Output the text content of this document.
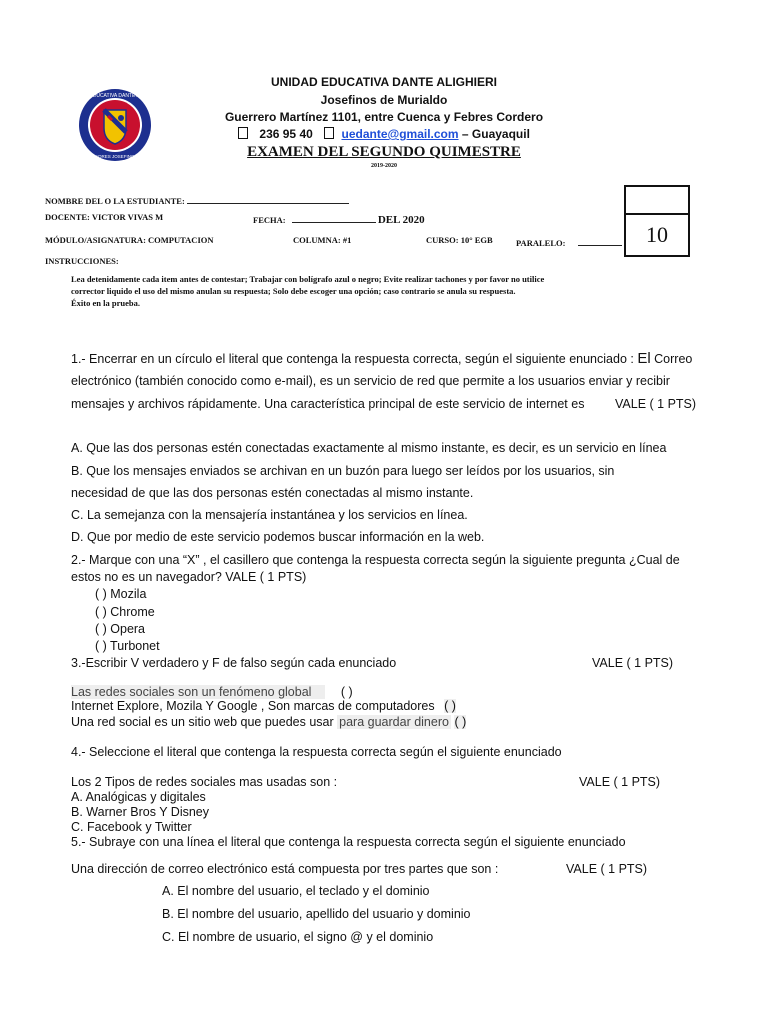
UNIDAD EDUCATIVA DANTE ALIGHIERI
PADRES JOSEFINOS
UNIDAD EDUCATIVA DANTE ALIGHIERI
Josefinos de Murialdo
Guerrero Martínez 1101, entre Cuenca y Febres Cordero
236 95 40 uedante@gmail.com – Guayaquil
EXAMEN DEL SEGUNDO QUIMESTRE
2019-2020
10
NOMBRE DEL O LA ESTUDIANTE:
DOCENTE: VICTOR VIVAS M	FECHA:	DEL 2020
MÓDULO/ASIGNATURA: COMPUTACION	COLUMNA: #1	CURSO: 10° EGB	PARALELO:
INSTRUCCIONES:
Lea detenidamente cada item antes de contestar; Trabajar con bolígrafo azul o negro; Evite realizar tachones y por favor no utilice
corrector liquido el uso del mismo anulan su respuesta; Solo debe escoger una opción; caso contrario se anula su respuesta.
Éxito en la prueba.
1.- Encerrar en un círculo el literal que contenga la respuesta correcta, según el siguiente enunciado : El Correo
electrónico (también conocido como e-mail), es un servicio de red que permite a los usuarios enviar y recibir
mensajes y archivos rápidamente. Una característica principal de este servicio de internet es VALE ( 1 PTS)
A. Que las dos personas estén conectadas exactamente al mismo instante, es decir, es un servicio en línea
B. Que los mensajes enviados se archivan en un buzón para luego ser leídos por los usuarios, sin
necesidad de que las dos personas estén conectadas al mismo instante.
C. La semejanza con la mensajería instantánea y los servicios en línea.
D. Que por medio de este servicio podemos buscar información en la web.
2.- Marque con una “X” , el casillero que contenga la respuesta correcta según la siguiente pregunta ¿Cual de
estos no es un navegador? VALE ( 1 PTS)
( ) Mozila
( ) Chrome
( ) Opera
( ) Turbonet
3.-Escribir V verdadero y F de falso según cada enunciado	VALE ( 1 PTS)
Las redes sociales son un fenómeno global ( )
Internet Explore, Mozila Y Google , Son marcas de computadores ( )
Una red social es un sitio web que puedes usar para guardar dinero ( )
4.- Seleccione el literal que contenga la respuesta correcta según el siguiente enunciado
Los 2 Tipos de redes sociales mas usadas son :	VALE ( 1 PTS)
A. Analógicas y digitales
B. Warner Bros Y Disney
C. Facebook y Twitter
5.- Subraye con una línea el literal que contenga la respuesta correcta según el siguiente enunciado
Una dirección de correo electrónico está compuesta por tres partes que son :	VALE ( 1 PTS)
A. El nombre del usuario, el teclado y el dominio
B. El nombre del usuario, apellido del usuario y dominio
C. El nombre de usuario, el signo @ y el dominio
